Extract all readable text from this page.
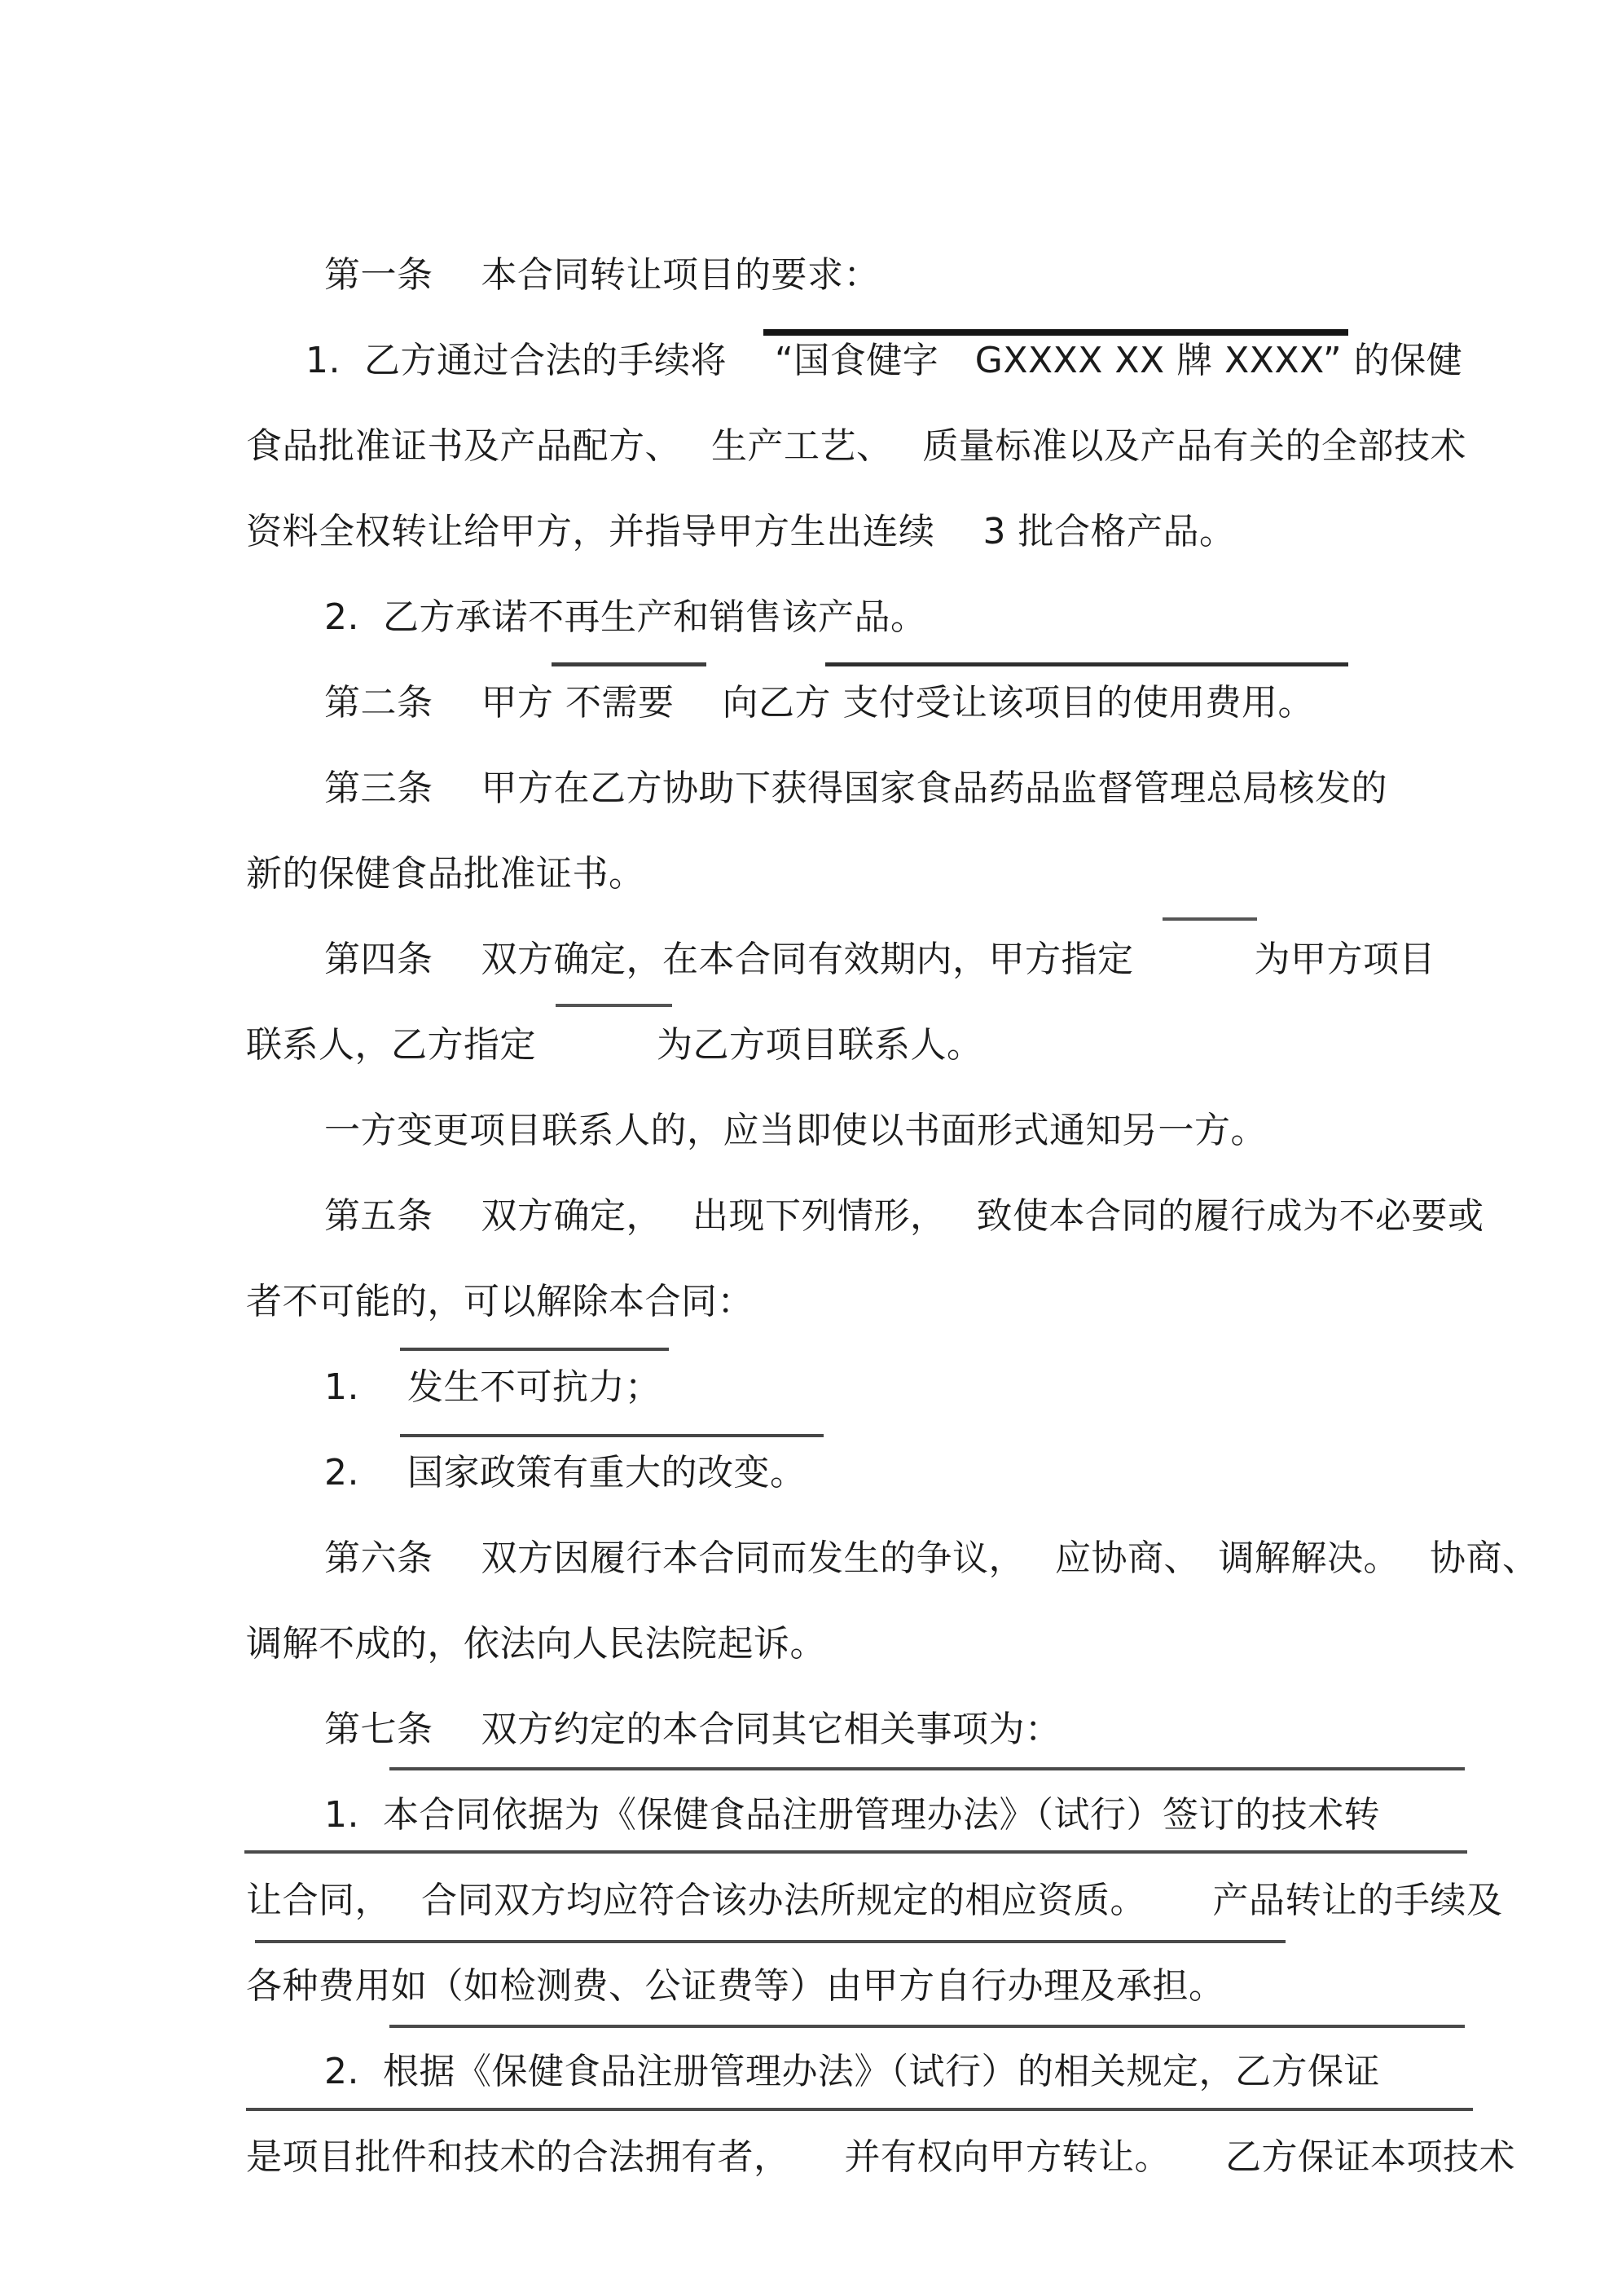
第一条　 本合同转让项目的要求：
1.  乙方通过合法的手续将　 “国食健字　GXXXX XX 牌 XXXX” 的保健
食品批准证书及产品配方、　 生产工艺、　 质量标准以及产品有关的全部技术
资料全权转让给甲方，并指导甲方生出连续　 3 批合格产品。
2.  乙方承诺不再生产和销售该产品。
第二条　 甲方 不需要　 向乙方 支付受让该项目的使用费用。
第三条　 甲方在乙方协助下获得国家食品药品监督管理总局核发的
新的保健食品批准证书。
第四条　 双方确定，在本合同有效期内，甲方指定　　　 为甲方项目
联系人，乙方指定　　　 为乙方项目联系人。
一方变更项目联系人的，应当即使以书面形式通知另一方。
第五条　 双方确定，　 出现下列情形，　 致使本合同的履行成为不必要或
者不可能的，可以解除本合同：
1. 　发生不可抗力；
2. 　国家政策有重大的改变。
第六条　 双方因履行本合同而发生的争议，　 应协商、　调解解决。　 协商、
调解不成的，依法向人民法院起诉。
第七条　 双方约定的本合同其它相关事项为：
1.  本合同依据为《保健食品注册管理办法》（试行）签订的技术转
让合同，　 合同双方均应符合该办法所规定的相应资质。　　 产品转让的手续及
各种费用如（如检测费、公证费等）由甲方自行办理及承担。
2.  根据《保健食品注册管理办法》（试行）的相关规定，乙方保证
是项目批件和技术的合法拥有者，　　并有权向甲方转让。　　乙方保证本项技术
